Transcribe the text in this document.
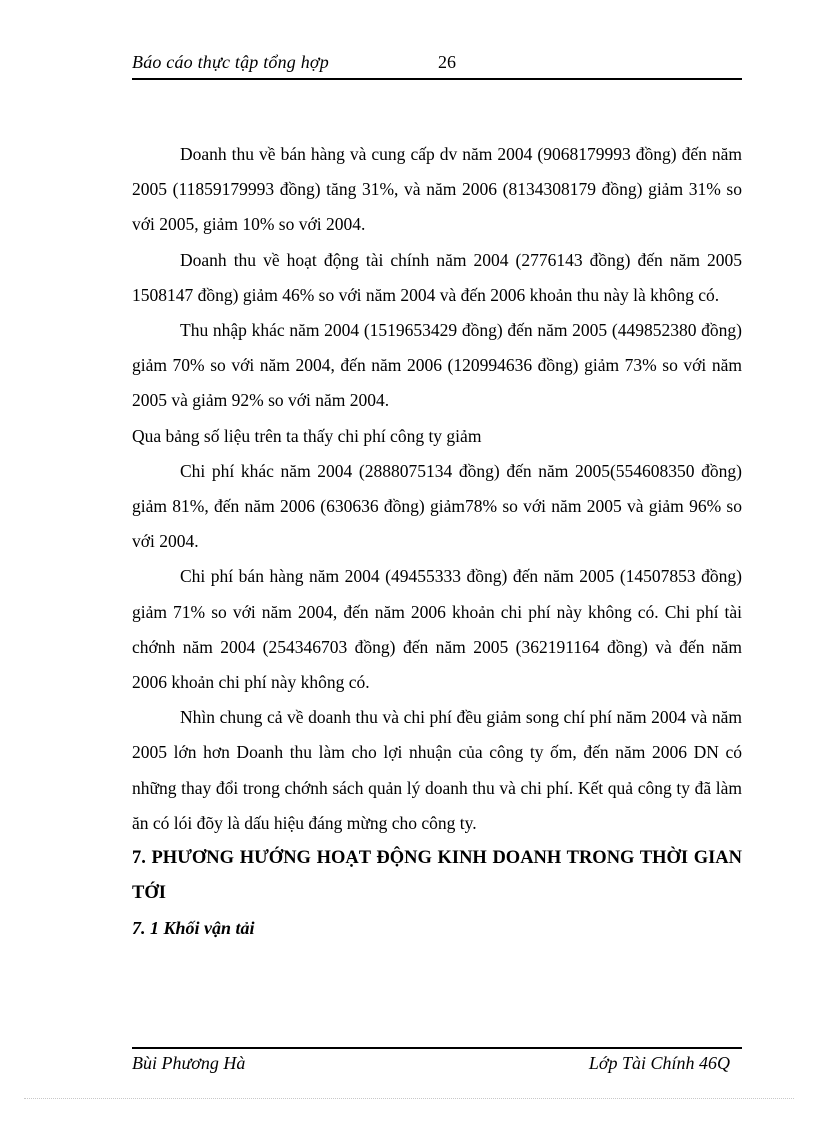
Báo cáo thực tập tổng hợp	26

Doanh thu về bán hàng và cung cấp dv năm 2004 (9068179993 đồng) đến năm 2005 (11859179993 đồng) tăng 31%, và năm 2006 (8134308179 đồng) giảm 31% so với 2005, giảm 10% so với 2004.

Doanh thu về hoạt động tài chính năm 2004 (2776143 đồng) đến năm 2005 1508147 đồng) giảm 46% so với năm 2004 và đến 2006 khoản thu này là không có.

Thu nhập khác năm 2004 (1519653429 đồng) đến năm 2005 (449852380 đồng) giảm 70% so với năm 2004, đến năm 2006 (120994636 đồng) giảm 73% so với năm 2005 và giảm 92% so với năm 2004.

Qua bảng số liệu trên ta thấy chi phí công ty giảm

Chi phí khác năm 2004 (2888075134 đồng) đến năm 2005(554608350 đồng) giảm 81%, đến năm 2006 (630636 đồng) giảm78% so với năm 2005 và giảm 96% so với 2004.

Chi phí bán hàng năm 2004 (49455333 đồng) đến năm 2005 (14507853 đồng) giảm 71% so với năm 2004, đến năm 2006 khoản chi phí này không có. Chi phí tài chớnh năm 2004 (254346703 đồng) đến năm 2005 (362191164 đồng) và đến năm 2006 khoản chi phí này không có.

Nhìn chung cả về doanh thu và chi phí đều giảm song chí phí năm 2004 và năm 2005 lớn hơn Doanh thu làm cho lợi nhuận của công ty ốm, đến năm 2006 DN có những thay đổi trong chớnh sách quản lý doanh thu và chi phí. Kết quả công ty đã làm ăn có lói đõy là dấu hiệu đáng mừng cho công ty.

7. PHƯƠNG HƯỚNG HOẠT ĐỘNG KINH DOANH TRONG THỜI GIAN TỚI
7. 1 Khối vận tải
Bùi Phương Hà	Lớp Tài Chính 46Q
